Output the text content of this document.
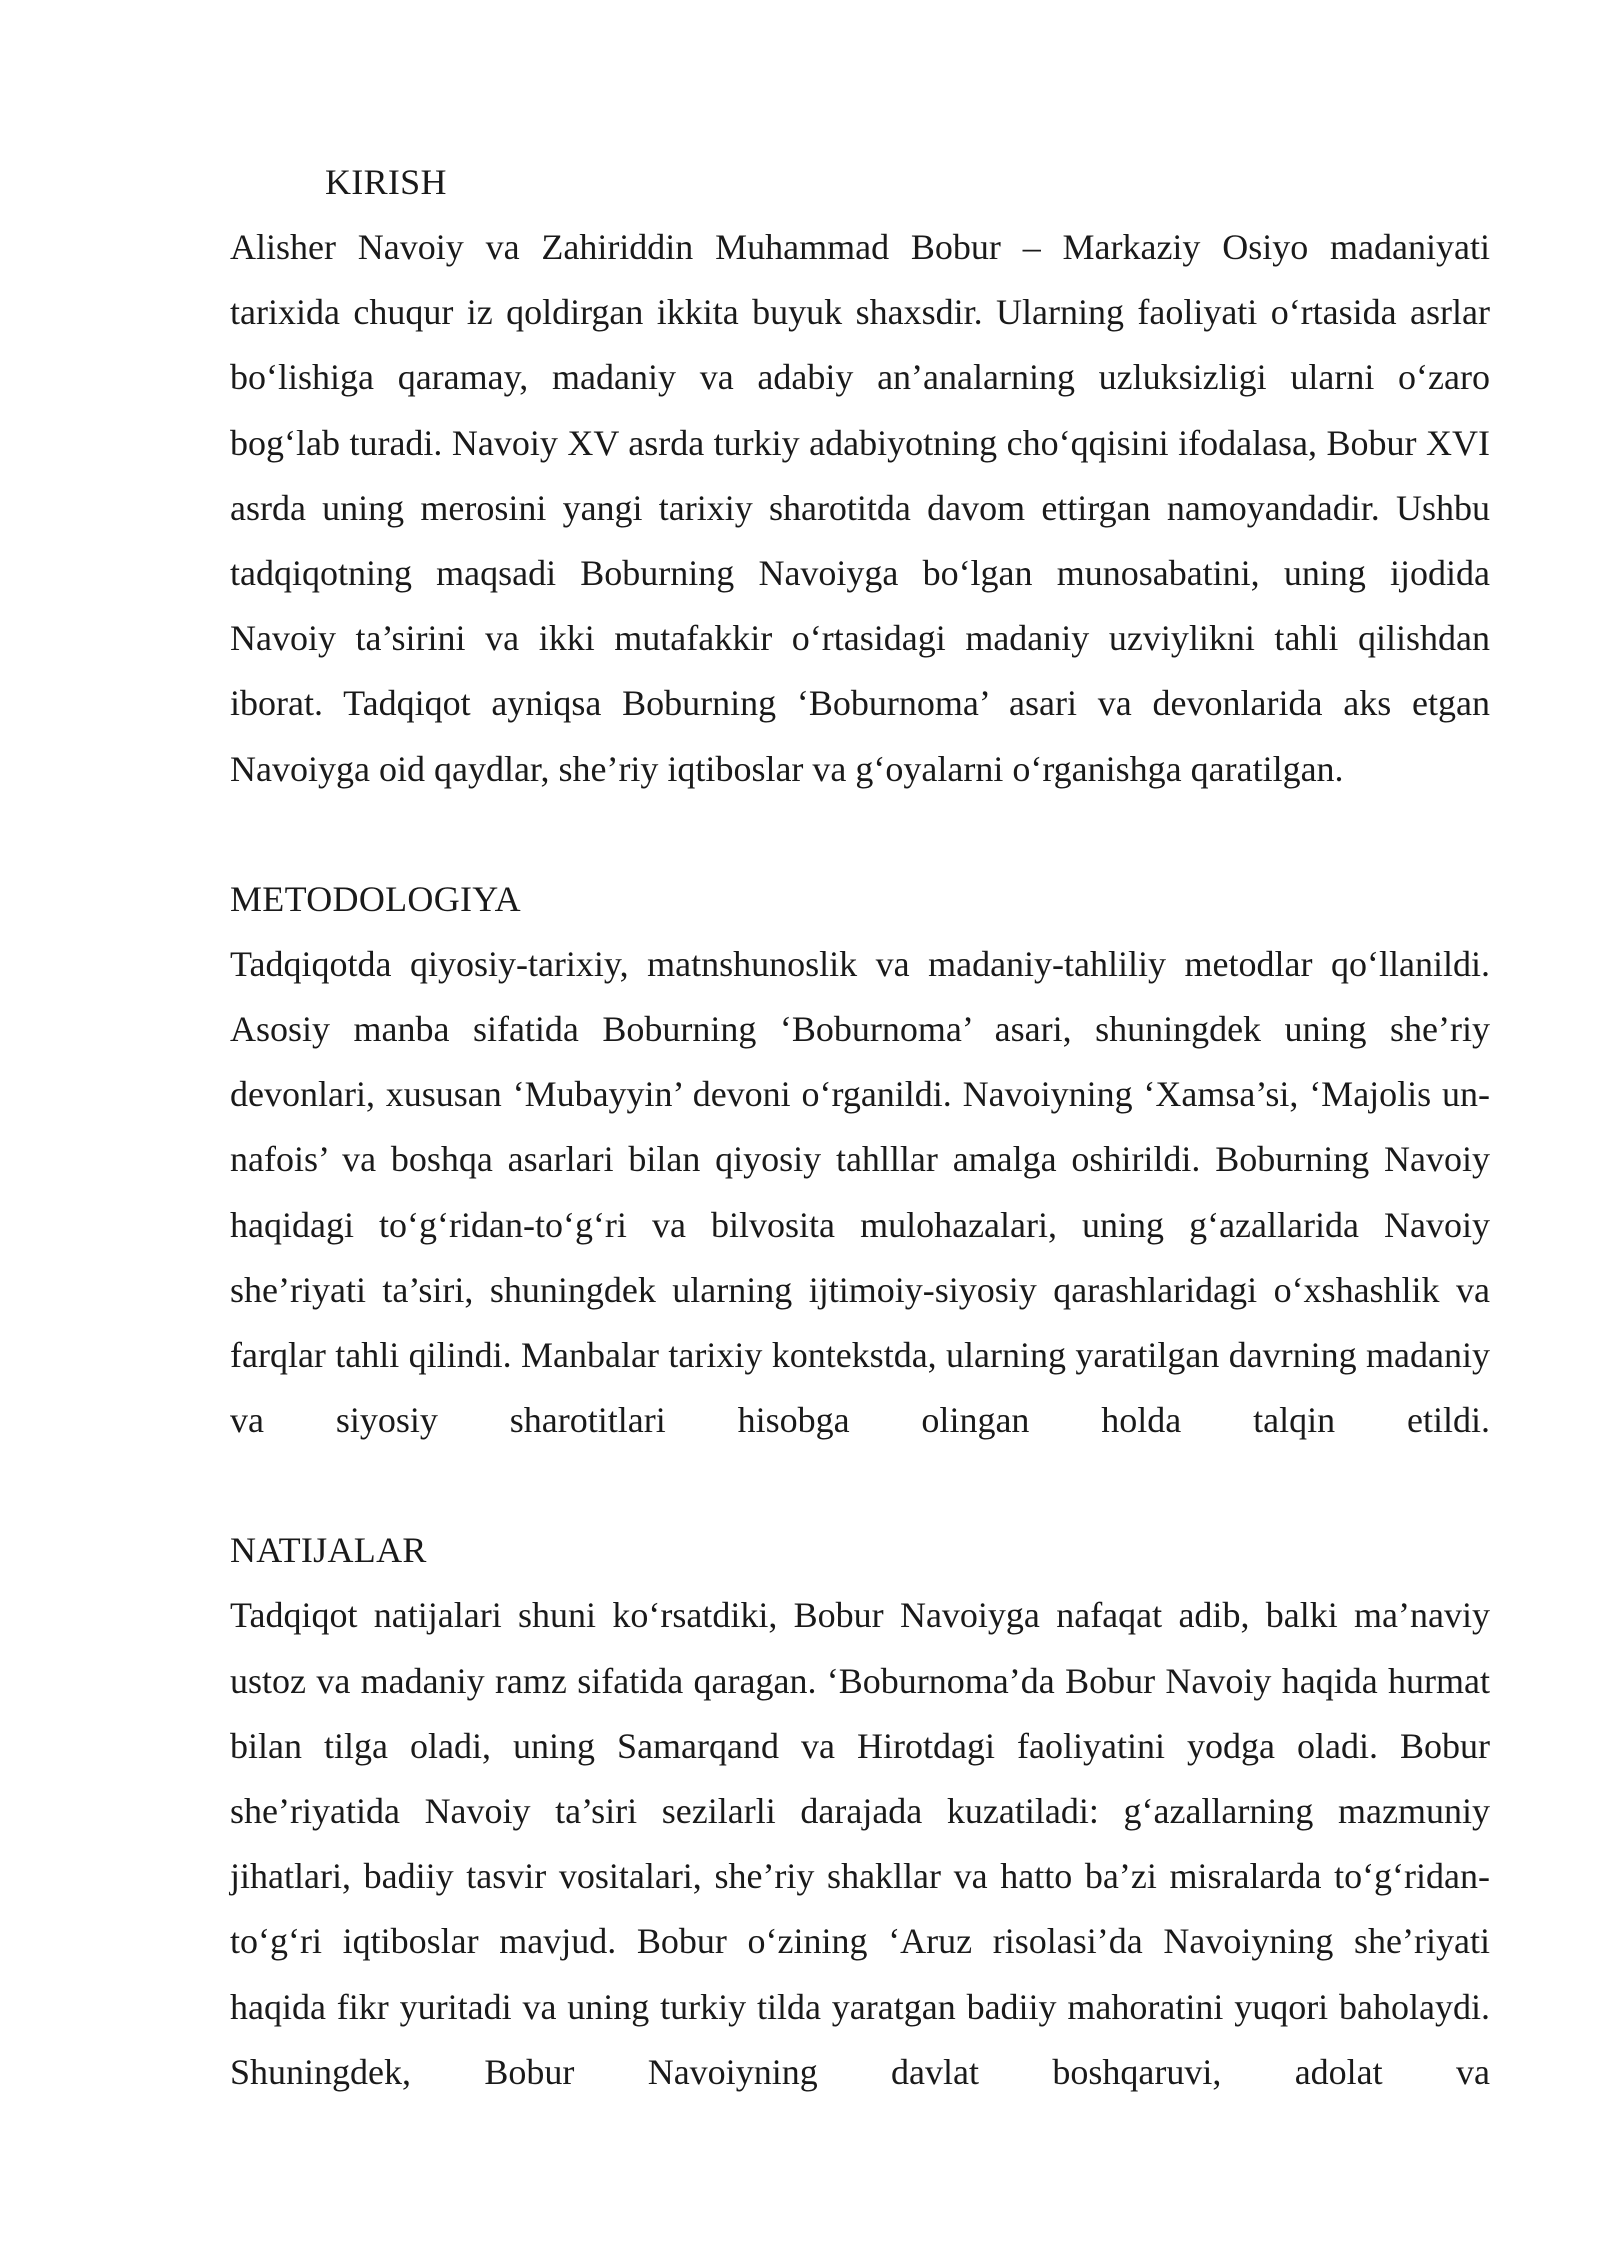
KIRISH

Alisher Navoiy va Zahiriddin Muhammad Bobur – Markaziy Osiyo madaniyati tarixida chuqur iz qoldirgan ikkita buyuk shaxsdir. Ularning faoliyati o‘rtasida asrlar bo‘lishiga qaramay, madaniy va adabiy an’analarning uzluksizligi ularni o‘zaro bog‘lab turadi. Navoiy XV asrda turkiy adabiyotning cho‘qqisini ifodalasa, Bobur XVI asrda uning merosini yangi tarixiy sharotitda davom ettirgan namoyandadir. Ushbu tadqiqotning maqsadi Boburning Navoiyga bo‘lgan munosabatini, uning ijodida Navoiy ta’sirini va ikki mutafakkir o‘rtasidagi madaniy uzviylikni tahli qilishdan iborat. Tadqiqot ayniqsa Boburning ‘Boburnoma’ asari va devonlarida aks etgan Navoiyga oid qaydlar, she’riy iqtiboslar va g‘oyalarni o‘rganishga qaratilgan.

METODOLOGIYA

Tadqiqotda qiyosiy-tarixiy, matnshunoslik va madaniy-tahliliy metodlar qo‘llanildi. Asosiy manba sifatida Boburning ‘Boburnoma’ asari, shuningdek uning she’riy devonlari, xususan ‘Mubayyin’ devoni o‘rganildi. Navoiyning ‘Xamsa’si, ‘Majolis un-nafois’ va boshqa asarlari bilan qiyosiy tahlllar amalga oshirildi. Boburning Navoiy haqidagi to‘g‘ridan-to‘g‘ri va bilvosita mulohazalari, uning g‘azallarida Navoiy she’riyati ta’siri, shuningdek ularning ijtimoiy-siyosiy qarashlaridagi o‘xshashlik va farqlar tahli qilindi. Manbalar tarixiy kontekstda, ularning yaratilgan davrning madaniy va siyosiy sharotitlari hisobga olingan holda talqin etildi.

NATIJALAR

Tadqiqot natijalari shuni ko‘rsatdiki, Bobur Navoiyga nafaqat adib, balki ma’naviy ustoz va madaniy ramz sifatida qaragan. ‘Boburnoma’da Bobur Navoiy haqida hurmat bilan tilga oladi, uning Samarqand va Hirotdagi faoliyatini yodga oladi. Bobur she’riyatida Navoiy ta’siri sezilarli darajada kuzatiladi: g‘azallarning mazmuniy jihatlari, badiiy tasvir vositalari, she’riy shakllar va hatto ba’zi misralarda to‘g‘ridan-to‘g‘ri iqtiboslar mavjud. Bobur o‘zining ‘Aruz risolasi’da Navoiyning she’riyati haqida fikr yuritadi va uning turkiy tilda yaratgan badiiy mahoratini yuqori baholaydi. Shuningdek, Bobur Navoiyning davlat boshqaruvi, adolat va
